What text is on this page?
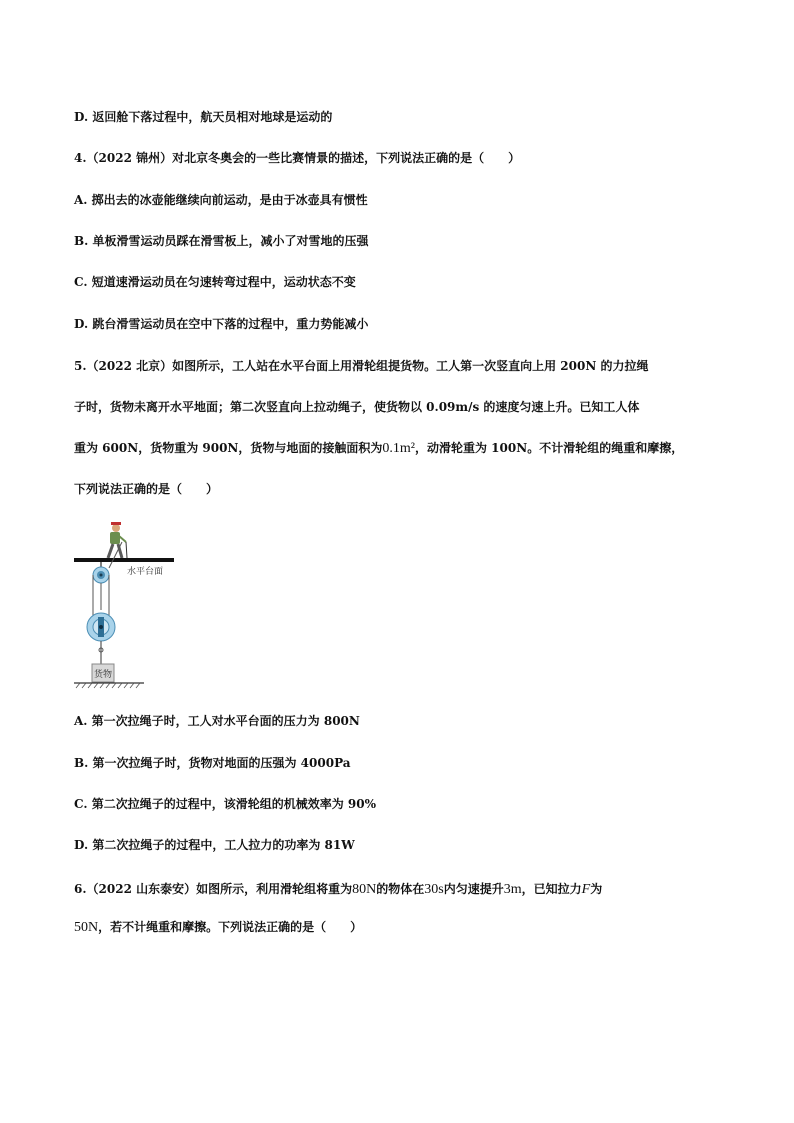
D. 返回舱下落过程中，航天员相对地球是运动的
4.（2022 锦州）对北京冬奥会的一些比赛情景的描述，下列说法正确的是（　　）
A. 掷出去的冰壶能继续向前运动，是由于冰壶具有惯性
B. 单板滑雪运动员踩在滑雪板上，减小了对雪地的压强
C. 短道速滑运动员在匀速转弯过程中，运动状态不变
D. 跳台滑雪运动员在空中下落的过程中，重力势能减小
5.（2022 北京）如图所示，工人站在水平台面上用滑轮组提货物。工人第一次竖直向上用 200N 的力拉绳
子时，货物未离开水平地面；第二次竖直向上拉动绳子，使货物以 0.09m/s 的速度匀速上升。已知工人体
重为 600N，货物重为 900N，货物与地面的接触面积为0.1m²，动滑轮重为 100N。不计滑轮组的绳重和摩擦，
下列说法正确的是（　　）
水平台面
货物
A. 第一次拉绳子时，工人对水平台面的压力为 800N
B. 第一次拉绳子时，货物对地面的压强为 4000Pa
C. 第二次拉绳子的过程中，该滑轮组的机械效率为 90%
D. 第二次拉绳子的过程中，工人拉力的功率为 81W
6.（2022 山东泰安）如图所示，利用滑轮组将重为80N的物体在30s内匀速提升3m，已知拉力F为
50N，若不计绳重和摩擦。下列说法正确的是（　　）
